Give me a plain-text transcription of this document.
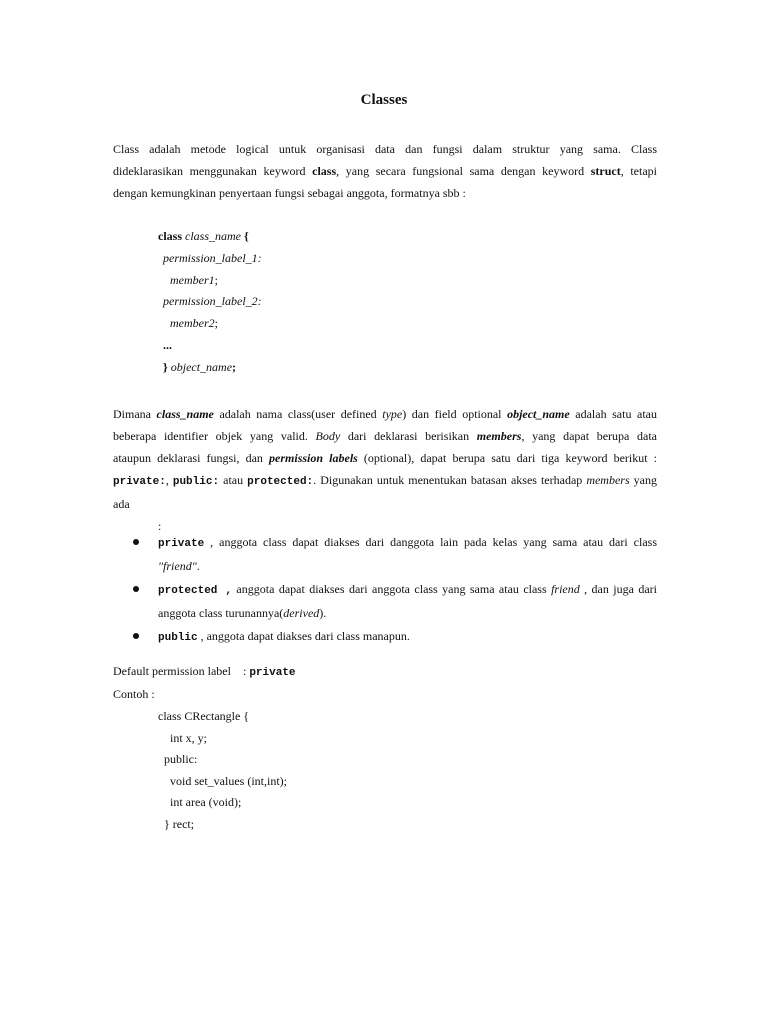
Classes
Class adalah metode logical untuk organisasi data dan fungsi dalam struktur yang sama. Class
dideklarasikan menggunakan keyword class, yang secara fungsional sama dengan keyword struct, tetapi
dengan kemungkinan penyertaan fungsi sebagai anggota, formatnya sbb :
class class_name {
permission_label_1:
member1;
permission_label_2:
member2;
...
} object_name;
Dimana class_name adalah nama class(user defined type) dan field optional object_name adalah satu atau
beberapa identifier objek yang valid. Body dari deklarasi berisikan members, yang dapat berupa data
ataupun deklarasi fungsi, dan permission labels (optional), dapat berupa satu dari tiga keyword berikut :
private:, public: atau protected:. Digunakan untuk menentukan batasan akses terhadap members yang ada
:
private , anggota class dapat diakses dari danggota lain pada kelas yang sama atau dari class
"friend".
protected , anggota dapat diakses dari anggota class yang sama atau class friend , dan juga dari
anggota class turunannya(derived).
public , anggota dapat diakses dari class manapun.
Default permission label    : private
Contoh :
class CRectangle {
int x, y;
public:
void set_values (int,int);
int area (void);
} rect;
